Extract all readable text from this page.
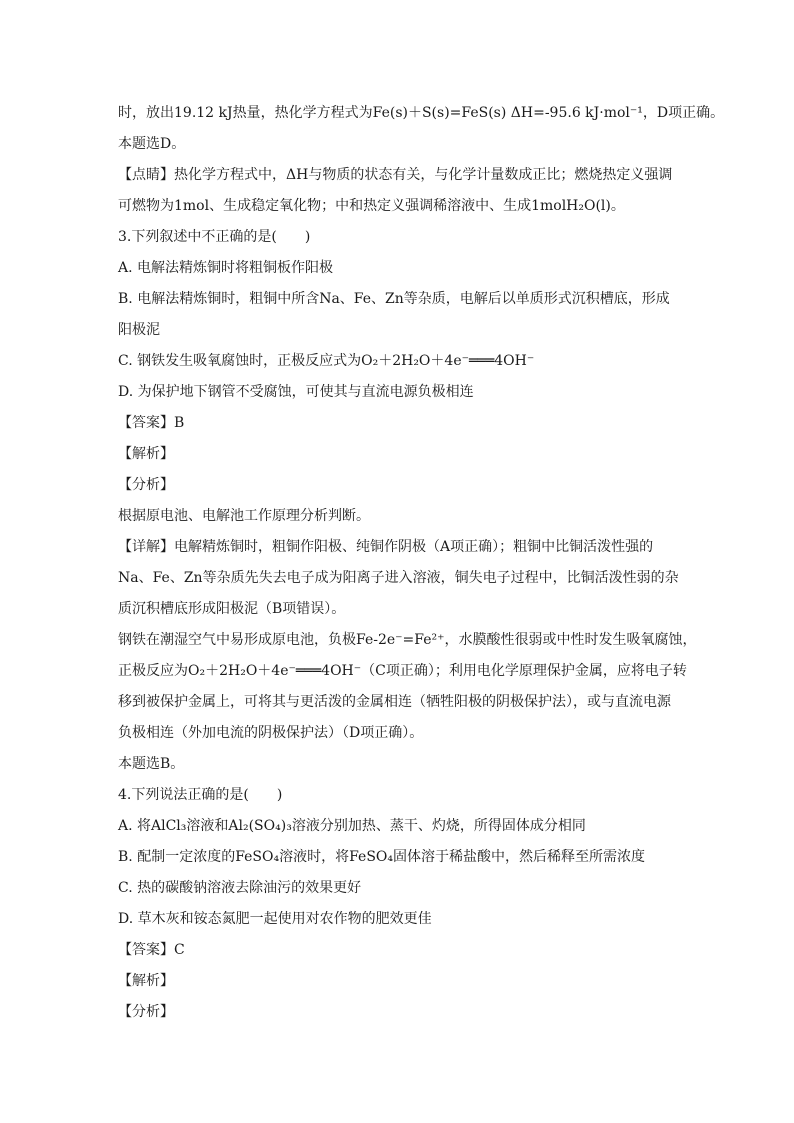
时，放出19.12 kJ热量，热化学方程式为Fe(s)＋S(s)=FeS(s) ΔH=-95.6 kJ·mol⁻¹，D项正确。
本题选D。
【点睛】热化学方程式中，ΔH与物质的状态有关，与化学计量数成正比；燃烧热定义强调
可燃物为1mol、生成稳定氧化物；中和热定义强调稀溶液中、生成1molH₂O(l)。
3.下列叙述中不正确的是(　　)
A. 电解法精炼铜时将粗铜板作阳极
B. 电解法精炼铜时，粗铜中所含Na、Fe、Zn等杂质，电解后以单质形式沉积槽底，形成
阳极泥
C. 钢铁发生吸氧腐蚀时，正极反应式为O₂＋2H₂O＋4e⁻═══4OH⁻
D. 为保护地下钢管不受腐蚀，可使其与直流电源负极相连
【答案】B
【解析】
【分析】
根据原电池、电解池工作原理分析判断。
【详解】电解精炼铜时，粗铜作阳极、纯铜作阴极（A项正确）；粗铜中比铜活泼性强的
Na、Fe、Zn等杂质先失去电子成为阳离子进入溶液，铜失电子过程中，比铜活泼性弱的杂
质沉积槽底形成阳极泥（B项错误）。
钢铁在潮湿空气中易形成原电池，负极Fe-2e⁻=Fe²⁺，水膜酸性很弱或中性时发生吸氧腐蚀，
正极反应为O₂＋2H₂O＋4e⁻═══4OH⁻（C项正确）；利用电化学原理保护金属，应将电子转
移到被保护金属上，可将其与更活泼的金属相连（牺牲阳极的阴极保护法），或与直流电源
负极相连（外加电流的阴极保护法）（D项正确）。
本题选B。
4.下列说法正确的是(　　)
A. 将AlCl₃溶液和Al₂(SO₄)₃溶液分别加热、蒸干、灼烧，所得固体成分相同
B. 配制一定浓度的FeSO₄溶液时，将FeSO₄固体溶于稀盐酸中，然后稀释至所需浓度
C. 热的碳酸钠溶液去除油污的效果更好
D. 草木灰和铵态氮肥一起使用对农作物的肥效更佳
【答案】C
【解析】
【分析】
